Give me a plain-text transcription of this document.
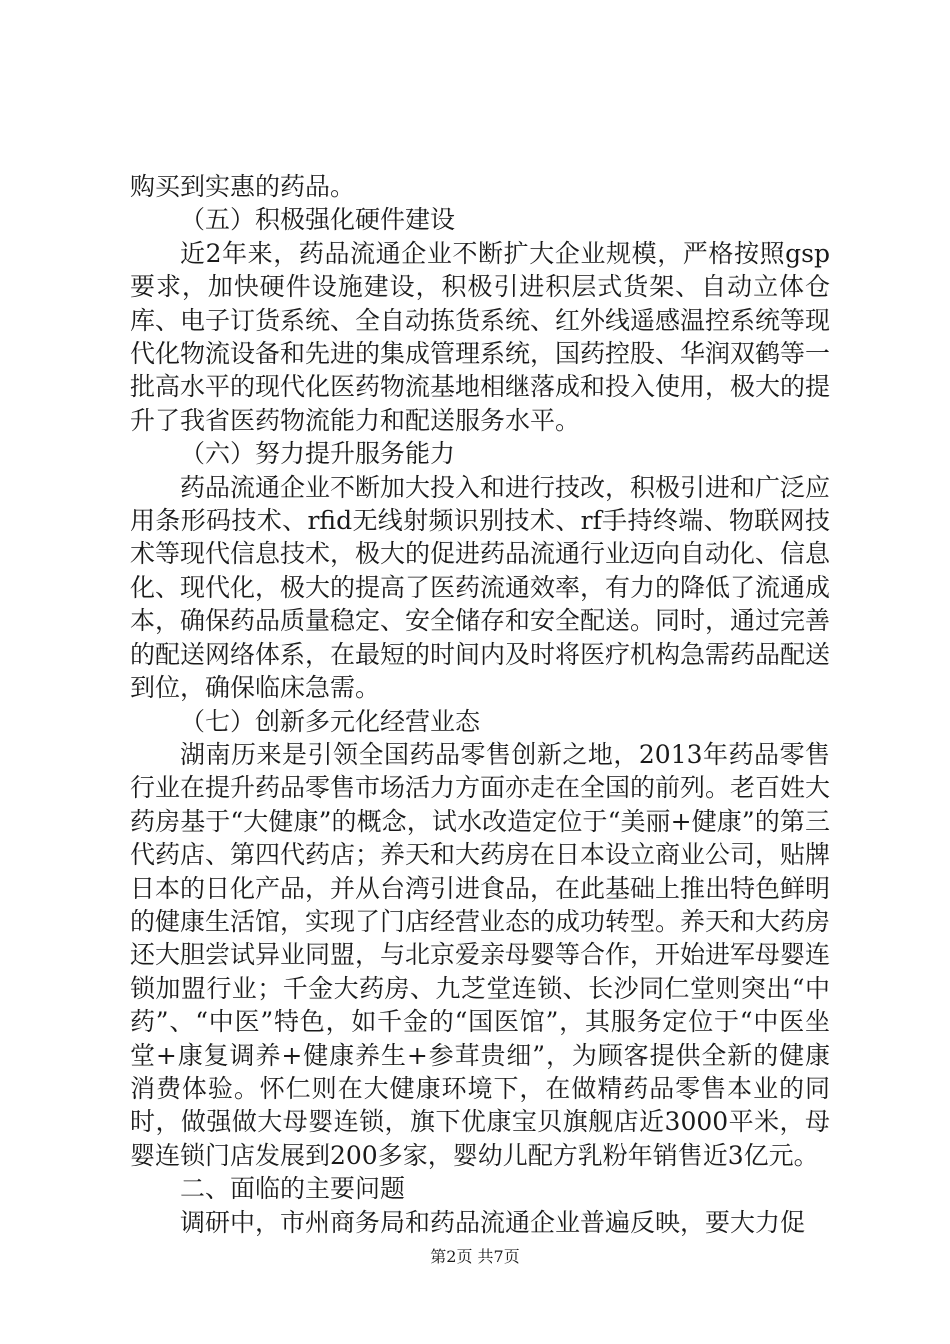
购买到实惠的药品。

（五）积极强化硬件建设

近2年来，药品流通企业不断扩大企业规模，严格按照gsp要求，加快硬件设施建设，积极引进积层式货架、自动立体仓库、电子订货系统、全自动拣货系统、红外线遥感温控系统等现代化物流设备和先进的集成管理系统，国药控股、华润双鹤等一批高水平的现代化医药物流基地相继落成和投入使用，极大的提升了我省医药物流能力和配送服务水平。

（六）努力提升服务能力

药品流通企业不断加大投入和进行技改，积极引进和广泛应用条形码技术、rfid无线射频识别技术、rf手持终端、物联网技术等现代信息技术，极大的促进药品流通行业迈向自动化、信息化、现代化，极大的提高了医药流通效率，有力的降低了流通成本，确保药品质量稳定、安全储存和安全配送。同时，通过完善的配送网络体系，在最短的时间内及时将医疗机构急需药品配送到位，确保临床急需。

（七）创新多元化经营业态

湖南历来是引领全国药品零售创新之地，2013年药品零售行业在提升药品零售市场活力方面亦走在全国的前列。老百姓大药房基于“大健康”的概念，试水改造定位于“美丽+健康”的第三代药店、第四代药店；养天和大药房在日本设立商业公司，贴牌日本的日化产品，并从台湾引进食品，在此基础上推出特色鲜明的健康生活馆，实现了门店经营业态的成功转型。养天和大药房还大胆尝试异业同盟，与北京爱亲母婴等合作，开始进军母婴连锁加盟行业；千金大药房、九芝堂连锁、长沙同仁堂则突出“中药”、“中医”特色，如千金的“国医馆”，其服务定位于“中医坐堂+康复调养+健康养生+参茸贵细”，为顾客提供全新的健康消费体验。怀仁则在大健康环境下，在做精药品零售本业的同时，做强做大母婴连锁，旗下优康宝贝旗舰店近3000平米，母婴连锁门店发展到200多家，婴幼儿配方乳粉年销售近3亿元。

二、面临的主要问题

调研中，市州商务局和药品流通企业普遍反映，要大力促

第2页 共7页
